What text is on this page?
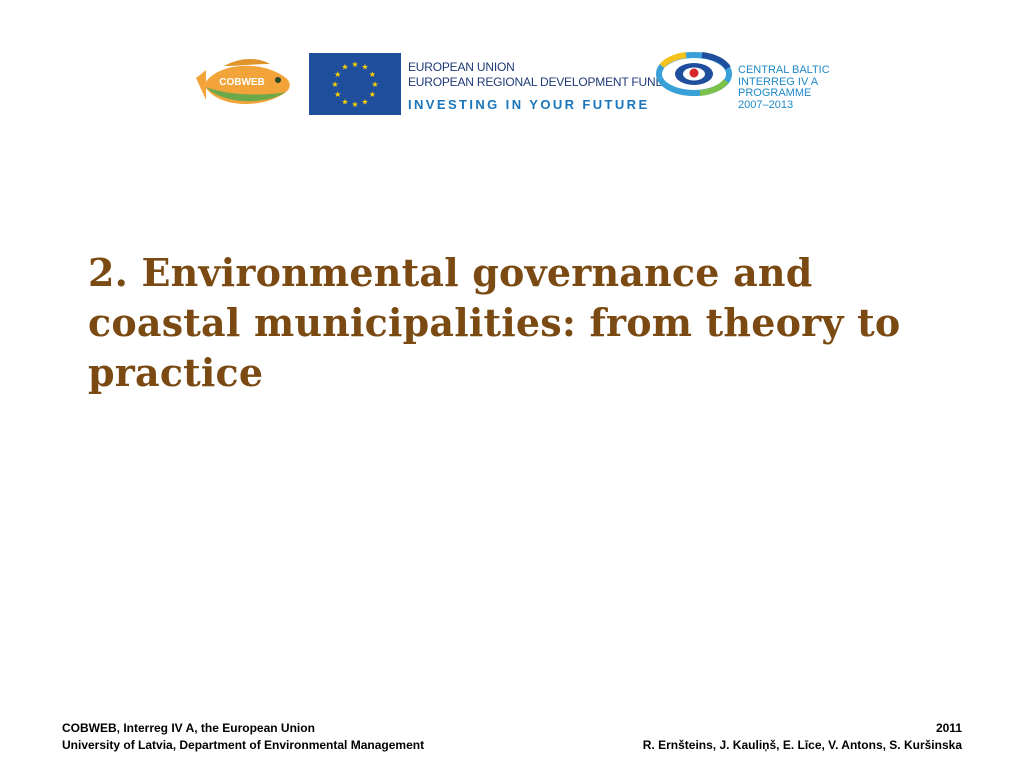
COBWEB
★ ★
★
★
★
★
★
★
★
★
★
★	EUROPEAN UNION
EUROPEAN REGIONAL DEVELOPMENT FUND
INVESTING IN YOUR FUTURE
CENTRAL BALTIC
INTERREG IV A
PROGRAMME
2007–2013
2. Environmental governance and coastal municipalities: from theory to practice
COBWEB, Interreg IV A, the European Union
University of Latvia, Department of Environmental Management
2011
R. Ernšteins, J. Kauliņš, E. Līce, V. Antons, S. Kuršinska
